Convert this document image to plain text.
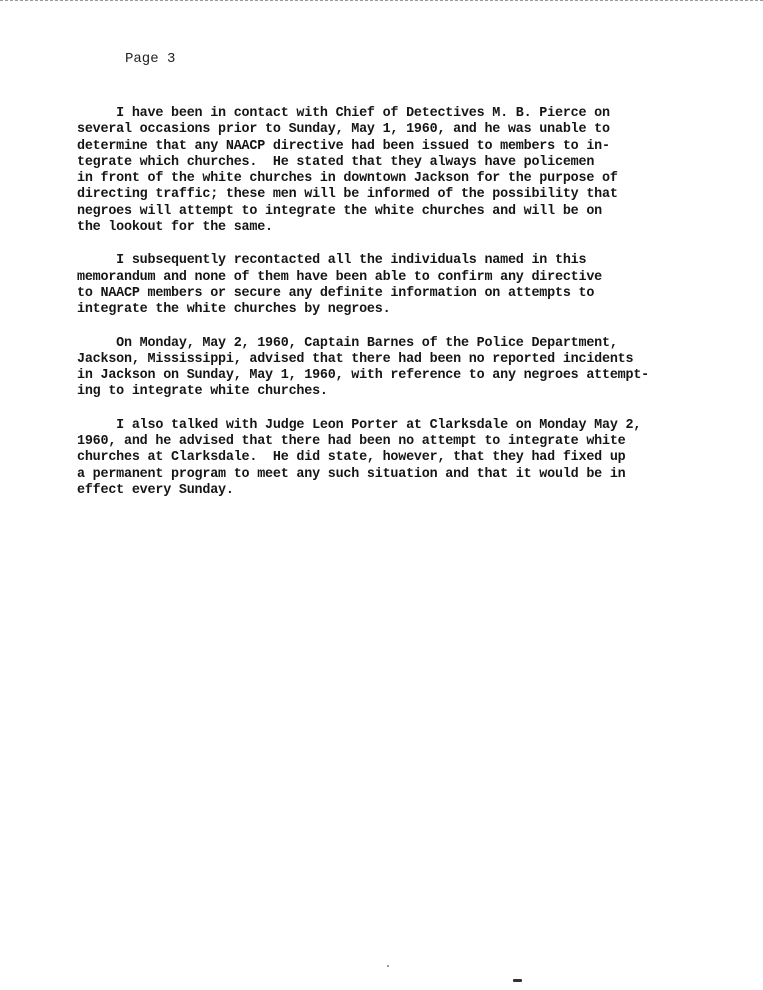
Page 3

I have been in contact with Chief of Detectives M. B. Pierce on
several occasions prior to Sunday, May 1, 1960, and he was unable to
determine that any NAACP directive had been issued to members to in-
tegrate which churches.  He stated that they always have policemen
in front of the white churches in downtown Jackson for the purpose of
directing traffic; these men will be informed of the possibility that
negroes will attempt to integrate the white churches and will be on
the lookout for the same.
I subsequently recontacted all the individuals named in this
memorandum and none of them have been able to confirm any directive
to NAACP members or secure any definite information on attempts to
integrate the white churches by negroes.
On Monday, May 2, 1960, Captain Barnes of the Police Department,
Jackson, Mississippi, advised that there had been no reported incidents
in Jackson on Sunday, May 1, 1960, with reference to any negroes attempt-
ing to integrate white churches.
I also talked with Judge Leon Porter at Clarksdale on Monday May 2,
1960, and he advised that there had been no attempt to integrate white
churches at Clarksdale.  He did state, however, that they had fixed up
a permanent program to meet any such situation and that it would be in
effect every Sunday.
